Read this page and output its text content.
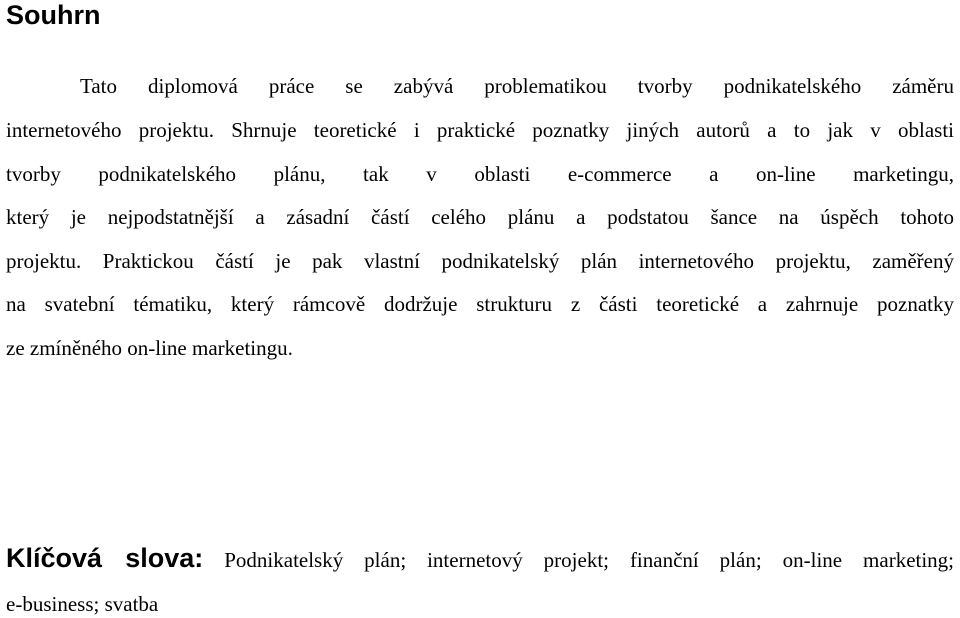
Souhrn
Tato diplomová práce se zabývá problematikou tvorby podnikatelského záměru
internetového projektu. Shrnuje teoretické i praktické poznatky jiných autorů a to jak v oblasti
tvorby podnikatelského plánu, tak v oblasti e-commerce a on-line marketingu,
který je nejpodstatnější a zásadní částí celého plánu a podstatou šance na úspěch tohoto
projektu. Praktickou částí je pak vlastní podnikatelský plán internetového projektu, zaměřený
na svatební tématiku, který rámcově dodržuje strukturu z části teoretické a zahrnuje poznatky
ze zmíněného on-line marketingu.
Klíčová slova: Podnikatelský plán; internetový projekt; finanční plán; on-line marketing;
e-business; svatba
